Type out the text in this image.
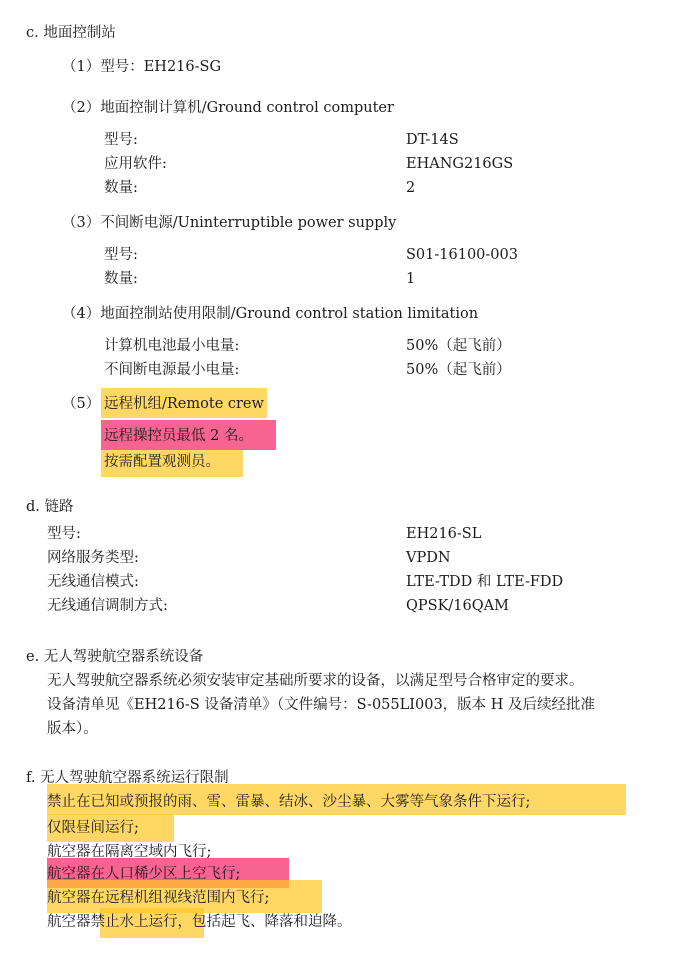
c. 地面控制站
（1）型号：EH216-SG
（2）地面控制计算机/Ground control computer
型号:	DT-14S
应用软件:	EHANG216GS
数量:	2
（3）不间断电源/Uninterruptible power supply
型号:	S01-16100-003
数量:	1
（4）地面控制站使用限制/Ground control station limitation
计算机电池最小电量:	50%（起飞前）
不间断电源最小电量:	50%（起飞前）
（5） 远程机组/Remote crew
远程操控员最低 2 名。
按需配置观测员。
d. 链路
型号:	EH216-SL
网络服务类型:	VPDN
无线通信模式:	LTE-TDD 和 LTE-FDD
无线通信调制方式:	QPSK/16QAM
e. 无人驾驶航空器系统设备
无人驾驶航空器系统必须安装审定基础所要求的设备，以满足型号合格审定的要求。
设备清单见《EH216-S 设备清单》（文件编号：S-055LI003，版本 H 及后续经批准
版本）。
f. 无人驾驶航空器系统运行限制
禁止在已知或预报的雨、雪、雷暴、结冰、沙尘暴、大雾等气象条件下运行;
仅限昼间运行;
航空器在隔离空域内飞行;
航空器在人口稀少区上空飞行;
航空器在远程机组视线范围内飞行;
航空器禁止水上运行，包括起飞、降落和迫降。
